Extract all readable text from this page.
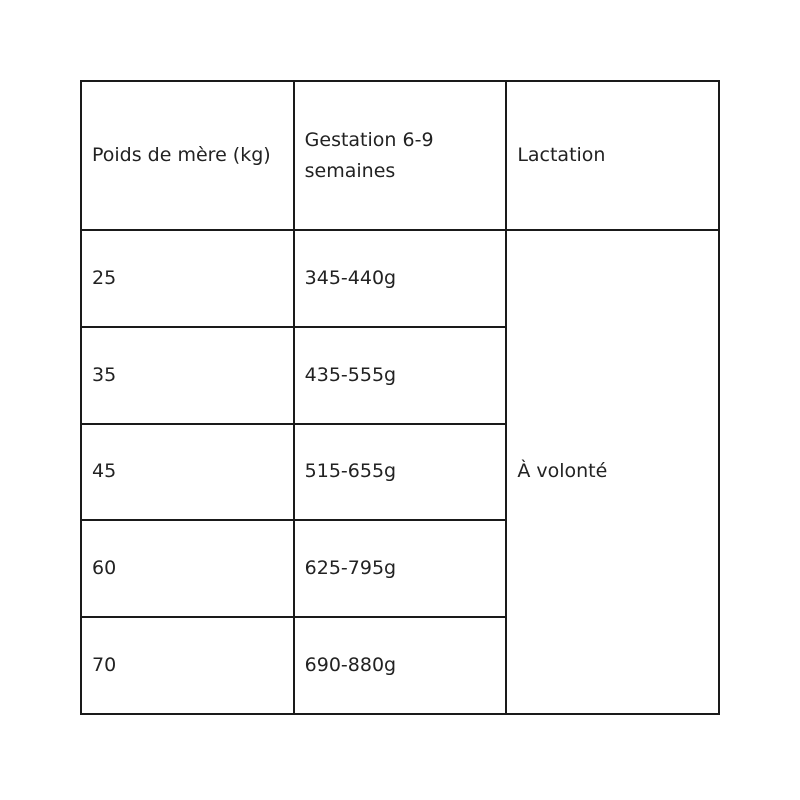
Poids de mère (kg)	Gestation 6-9 semaines	Lactation
25	345-440g	À volonté
35	435-555g	
45	515-655g	
60	625-795g	
70	690-880g	
